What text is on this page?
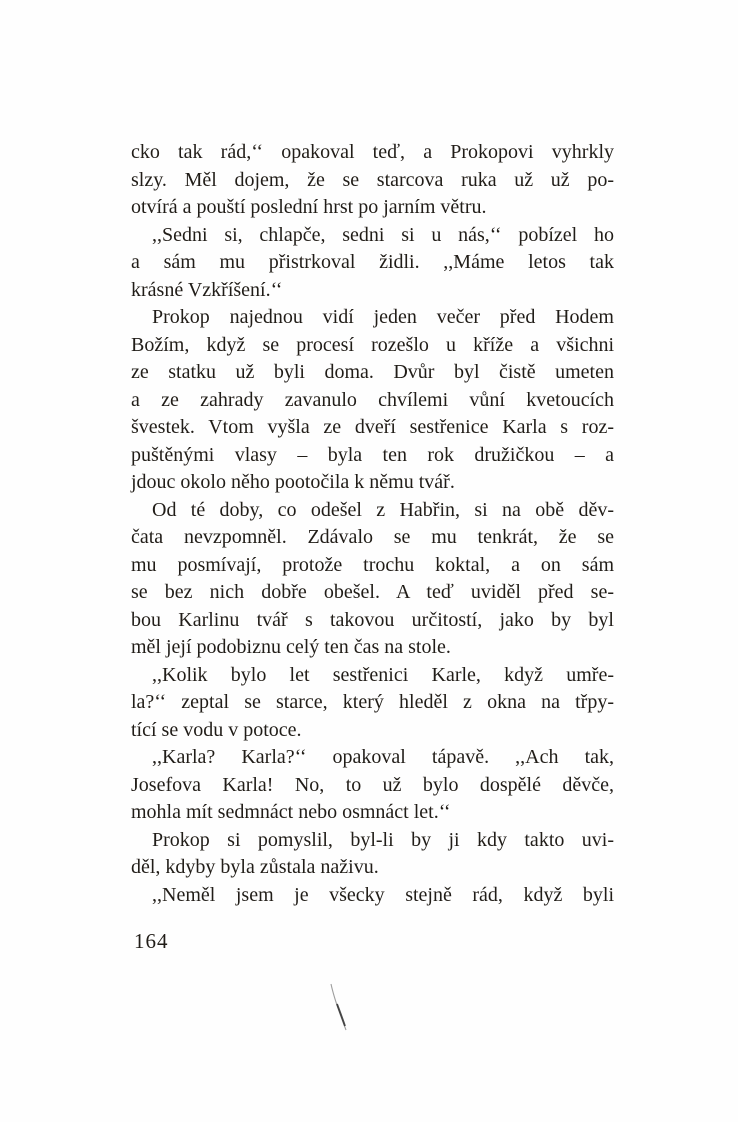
cko tak rád,‘‘ opakoval teď, a Prokopovi vyhrkly
slzy. Měl dojem, že se starcova ruka už už po-
otvírá a pouští poslední hrst po jarním větru.
,,Sedni si, chlapče, sedni si u nás,‘‘ pobízel ho
a sám mu přistrkoval židli. ,,Máme letos tak
krásné Vzkříšení.‘‘
Prokop najednou vidí jeden večer před Hodem
Božím, když se procesí rozešlo u kříže a všichni
ze statku už byli doma. Dvůr byl čistě umeten
a ze zahrady zavanulo chvílemi vůní kvetoucích
švestek. Vtom vyšla ze dveří sestřenice Karla s roz-
puštěnými vlasy – byla ten rok družičkou – a
jdouc okolo něho pootočila k němu tvář.
Od té doby, co odešel z Habřin, si na obě děv-
čata nevzpomněl. Zdávalo se mu tenkrát, že se
mu posmívají, protože trochu koktal, a on sám
se bez nich dobře obešel. A teď uviděl před se-
bou Karlinu tvář s takovou určitostí, jako by byl
měl její podobiznu celý ten čas na stole.
,,Kolik bylo let sestřenici Karle, když umře-
la?‘‘ zeptal se starce, který hleděl z okna na třpy-
tící se vodu v potoce.
,,Karla? Karla?‘‘ opakoval tápavě. ,,Ach tak,
Josefova Karla! No, to už bylo dospělé děvče,
mohla mít sedmnáct nebo osmnáct let.‘‘
Prokop si pomyslil, byl-li by ji kdy takto uvi-
děl, kdyby byla zůstala naživu.
,,Neměl jsem je všecky stejně rád, když byli
164
